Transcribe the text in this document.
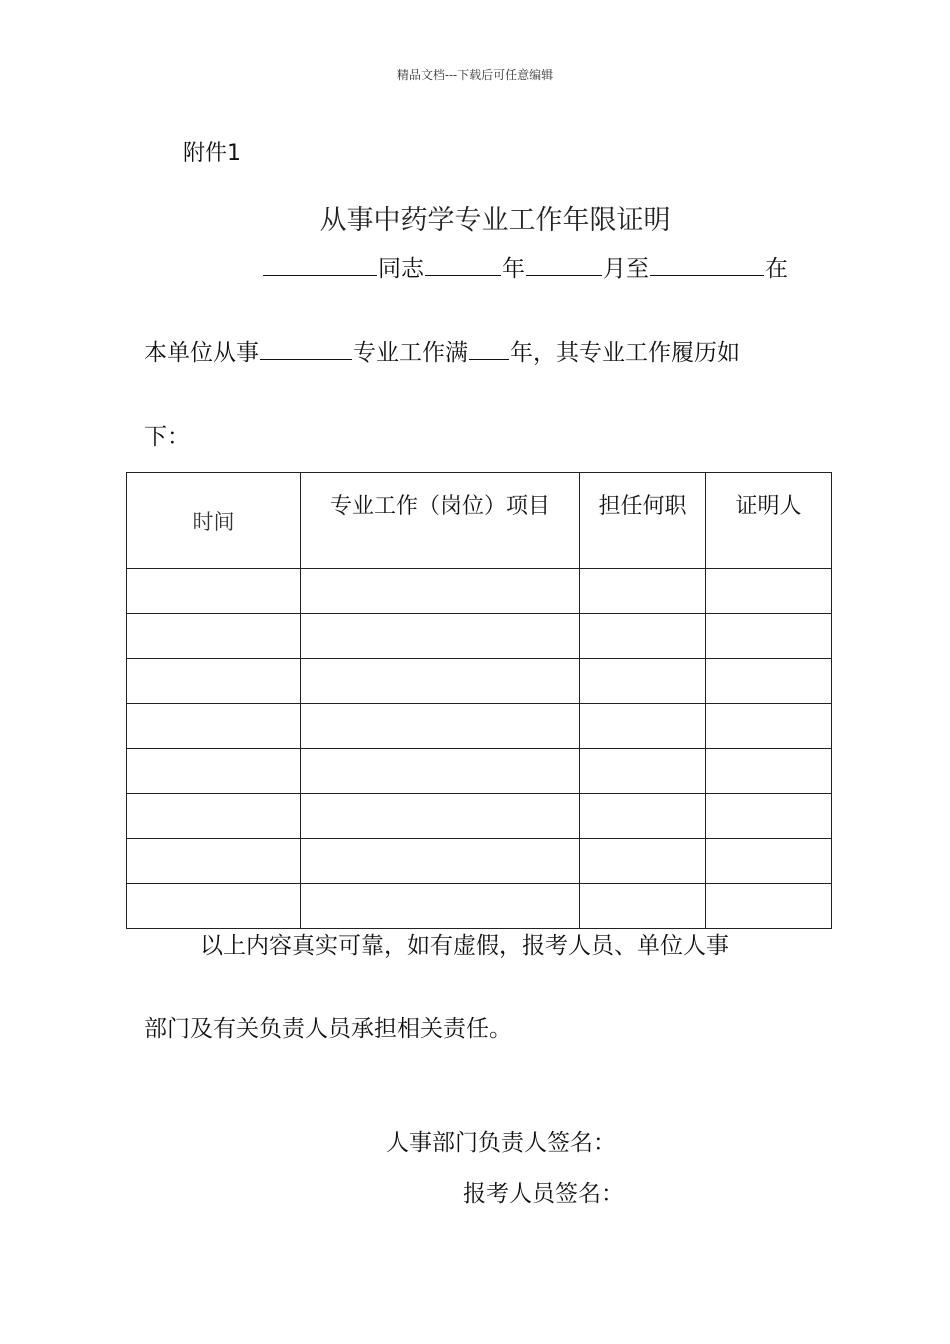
精品文档---下载后可任意编辑
附件1
从事中药学专业工作年限证明
同志	年	月至	在
本单位从事	专业工作满 年，其专业工作履历如
下：
时间	专业工作（岗位）项目	担任何职	证明人

以上内容真实可靠，如有虚假，报考人员、单位人事
部门及有关负责人员承担相关责任。
人事部门负责人签名：
报考人员签名：
